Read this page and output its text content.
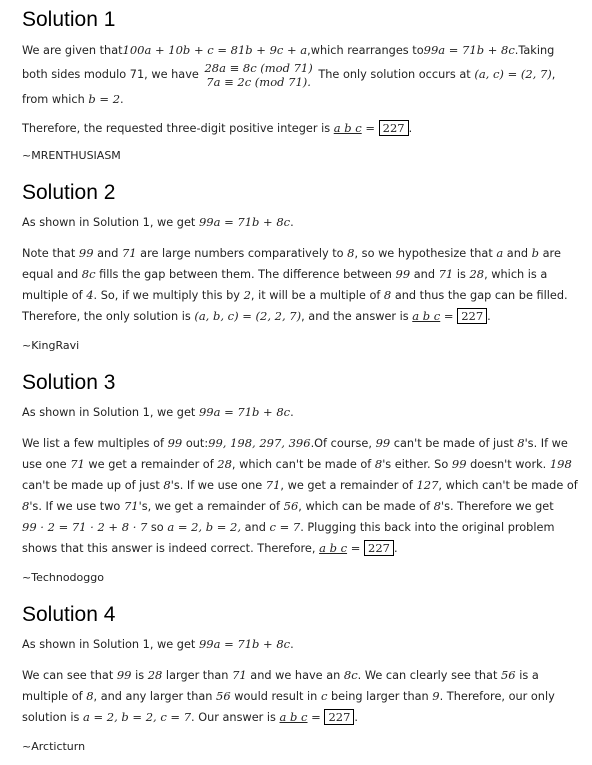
Solution 1

We are given that100a + 10b + c = 81b + 9c + a,which rearranges to99a = 71b + 8c.Taking both sides modulo 71, we have 28a ≡ 8c (mod 71)
7a ≡ 2c (mod 71).
The only solution occurs at (a, c) = (2, 7), from which b = 2.

Therefore, the requested three-digit positive integer is a b c = 227 .

~MRENTHUSIASM

Solution 2

As shown in Solution 1, we get 99a = 71b + 8c.

Note that 99 and 71 are large numbers comparatively to 8, so we hypothesize that a and b are equal and 8c fills the gap between them. The difference between 99 and 71 is 28, which is a multiple of 4. So, if we multiply this by 2, it will be a multiple of 8 and thus the gap can be filled. Therefore, the only solution is (a, b, c) = (2, 2, 7), and the answer is a b c = 227 .

~KingRavi

Solution 3

As shown in Solution 1, we get 99a = 71b + 8c.

We list a few multiples of 99 out:99, 198, 297, 396.Of course, 99 can't be made of just 8's. If we use one 71 we get a remainder of 28, which can't be made of 8's either. So 99 doesn't work. 198 can't be made up of just 8's. If we use one 71, we get a remainder of 127, which can't be made of 8's. If we use two 71's, we get a remainder of 56, which can be made of 8's. Therefore we get 99 · 2 = 71 · 2 + 8 · 7 so a = 2, b = 2, and c = 7. Plugging this back into the original problem shows that this answer is indeed correct. Therefore, a b c = 227 .

~Technodoggo

Solution 4

As shown in Solution 1, we get 99a = 71b + 8c.

We can see that 99 is 28 larger than 71 and we have an 8c. We can clearly see that 56 is a multiple of 8, and any larger than 56 would result in c being larger than 9. Therefore, our only solution is a = 2, b = 2, c = 7. Our answer is a b c = 227 .

~Arcticturn
